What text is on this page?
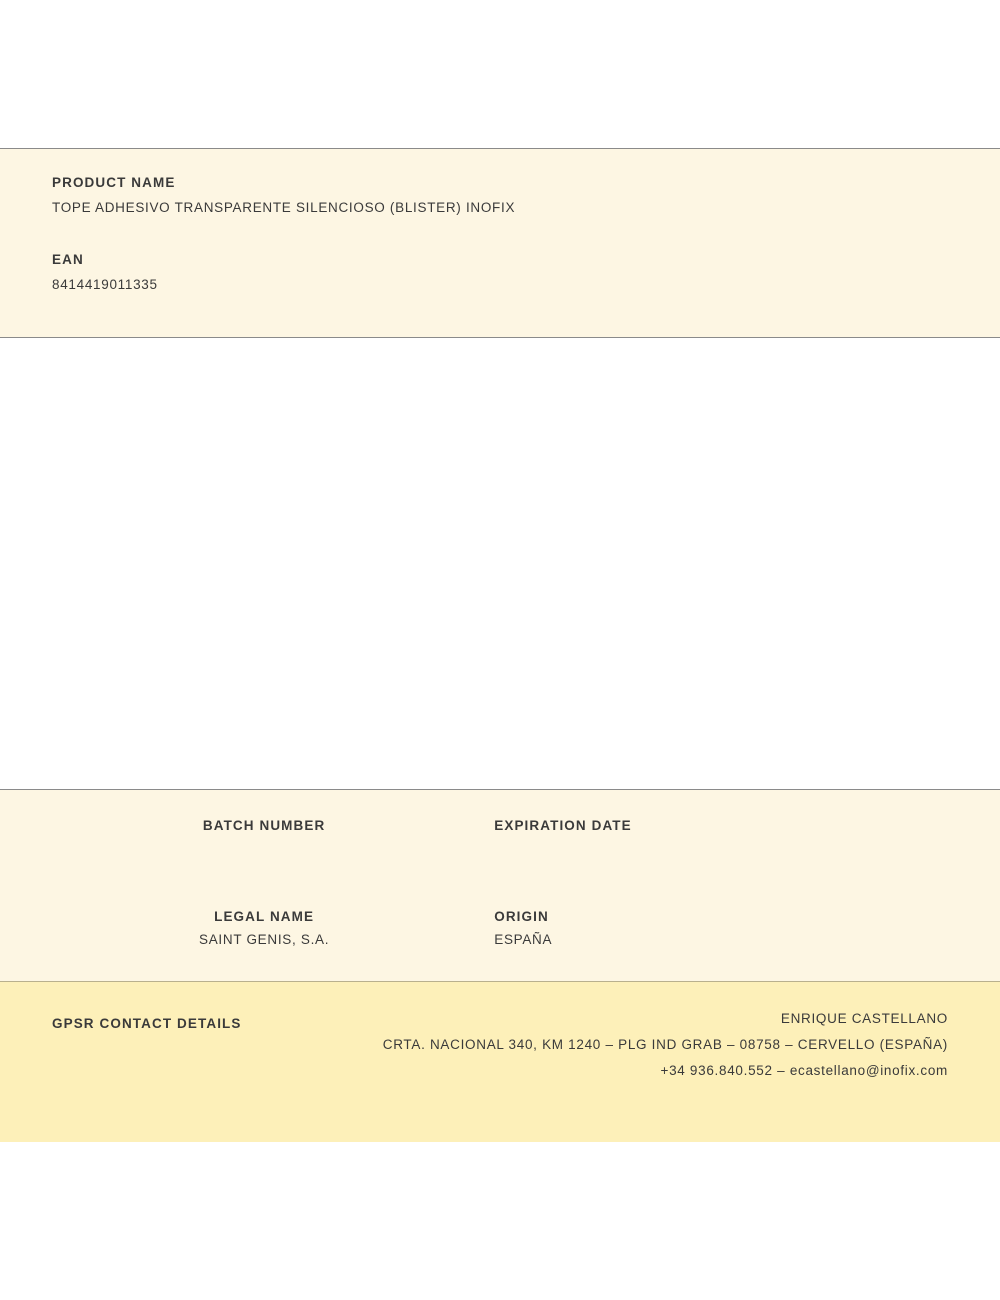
PRODUCT NAME

TOPE ADHESIVO TRANSPARENTE SILENCIOSO (BLISTER) INOFIX

EAN

8414419011335

BATCH NUMBER	EXPIRATION DATE

LEGAL NAME

SAINT GENIS, S.A.

ORIGIN

ESPAÑA

GPSR CONTACT DETAILS	ENRIQUE CASTELLANO
CRTA. NACIONAL 340, KM 1240 – PLG IND GRAB – 08758 – CERVELLO (ESPAÑA)
+34 936.840.552 – ecastellano@inofix.com
